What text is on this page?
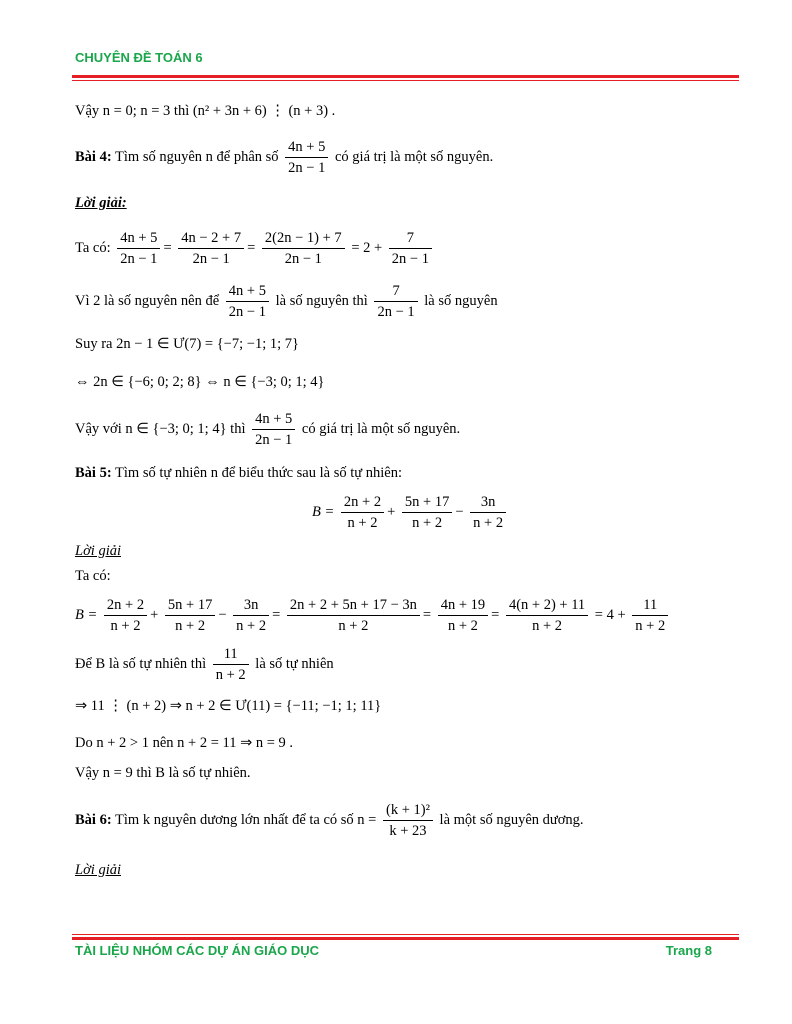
CHUYÊN ĐỀ TOÁN 6
Vậy n = 0; n = 3 thì (n² + 3n + 6) ⋮ (n + 3) .
Bài 4: Tìm số nguyên n để phân số $\frac{4n + 5}{2n - 1}$ có giá trị là một số nguyên.
Lời giải:
Ta có: $\frac{4n + 5}{2n - 1} = \frac{4n - 2 + 7}{2n - 1} = \frac{2(2n - 1) + 7}{2n - 1} = 2 + \frac{7}{2n - 1}$
Vì 2 là số nguyên nên để $\frac{4n + 5}{2n - 1}$ là số nguyên thì $\frac{7}{2n - 1}$ là số nguyên
Suy ra 2n − 1 ∈ Ư(7) = {−7; −1; 1; 7}
⇔ 2n ∈ {−6; 0; 2; 8} ⇔ n ∈ {−3; 0; 1; 4}
Vậy với n ∈ {−3; 0; 1; 4} thì $\frac{4n + 5}{2n - 1}$ có giá trị là một số nguyên.
Bài 5: Tìm số tự nhiên n để biểu thức sau là số tự nhiên:
$B = \frac{2n + 2}{n + 2} + \frac{5n + 17}{n + 2} - \frac{3n}{n + 2}$
Lời giải
Ta có:
$B = \frac{2n + 2}{n + 2} + \frac{5n + 17}{n + 2} - \frac{3n}{n + 2} = \frac{2n + 2 + 5n + 17 - 3n}{n + 2} = \frac{4n + 19}{n + 2} = \frac{4(n + 2) + 11}{n + 2} = 4 + \frac{11}{n + 2}$
Để B là số tự nhiên thì $\frac{11}{n + 2}$ là số tự nhiên
⇒ 11 ⋮ (n + 2) ⇒ n + 2 ∈ Ư(11) = {−11; −1; 1; 11}
Do n + 2 > 1 nên n + 2 = 11 ⇒ n = 9 .
Vậy n = 9 thì B là số tự nhiên.
Bài 6: Tìm k nguyên dương lớn nhất để ta có số $n = \frac{\text{(k + 1)²}}{k + 23}$ là một số nguyên dương.
Lời giải
TÀI LIỆU NHÓM CÁC DỰ ÁN GIÁO DỤC	Trang 8
